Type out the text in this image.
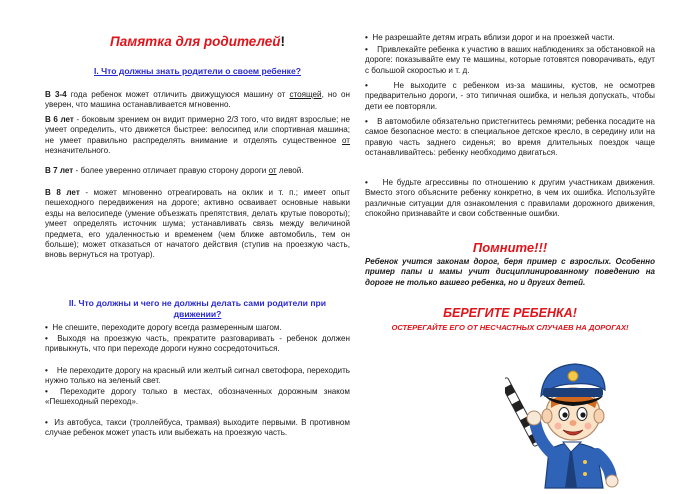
Памятка для родителей!
I. Что должны знать родители о своем ребенке?
В 3-4 года ребенок может отличить движущуюся машину от стоящей, но он уверен, что машина останавливается мгновенно.
В 6 лет - боковым зрением он видит примерно 2/3 того, что видят взрослые; не умеет определить, что движется быстрее: велосипед или спортивная машина; не умеет правильно распределять внимание и отделять существенное от незначительного.
В 7 лет - более уверенно отличает правую сторону дороги от левой.
В 8 лет - может мгновенно отреагировать на оклик и т. п.; имеет опыт пешеходного передвижения на дороге; активно осваивает основные навыки езды на велосипеде (умение объезжать препятствия, делать крутые повороты); умеет определять источник шума; устанавливать связь между величиной предмета, его удаленностью и временем (чем ближе автомобиль, тем он больше); может отказаться от начатого действия (ступив на проезжую часть, вновь вернуться на тротуар).
II. Что должны и чего не должны делать сами родители при
движении?
• Не спешите, переходите дорогу всегда размеренным шагом.
• Выходя на проезжую часть, прекратите разговаривать - ребенок должен привыкнуть, что при переходе дороги нужно сосредоточиться.
• Не переходите дорогу на красный или желтый сигнал светофора, переходить нужно только на зеленый свет.
• Переходите дорогу только в местах, обозначенных дорожным знаком «Пешеходный переход».
• Из автобуса, такси (троллейбуса, трамвая) выходите первыми. В противном случае ребенок может упасть или выбежать на проезжую часть.
• Не разрешайте детям играть вблизи дорог и на проезжей части.
• Привлекайте ребенка к участию в ваших наблюдениях за обстановкой на дороге: показывайте ему те машины, которые готовятся поворачивать, едут с большой скоростью и т. д.
•	Не выходите с ребенком из-за машины, кустов, не осмотрев предварительно дороги, - это типичная ошибка, и нельзя допускать, чтобы дети ее повторяли.
• В автомобиле обязательно пристегнитесь ремнями; ребенка посадите на самое безопасное место: в специальное детское кресло, в середину или на правую часть заднего сиденья; во время длительных поездок чаще останавливайтесь: ребенку необходимо двигаться.
• Не будьте агрессивны по отношению к другим участникам движения. Вместо этого объясните ребенку конкретно, в чем их ошибка. Используйте различные ситуации для ознакомления с правилами дорожного движения, спокойно признавайте и свои собственные ошибки.
Помните!!!
Ребенок учится законам дорог, беря пример с взрослых. Особенно пример папы и мамы учит дисциплинированному поведению на дороге не только вашего ребенка, но и других детей.
БЕРЕГИТЕ РЕБЕНКА!
ОСТЕРЕГАЙТЕ ЕГО ОТ НЕСЧАСТНЫХ СЛУЧАЕВ НА ДОРОГАХ!
